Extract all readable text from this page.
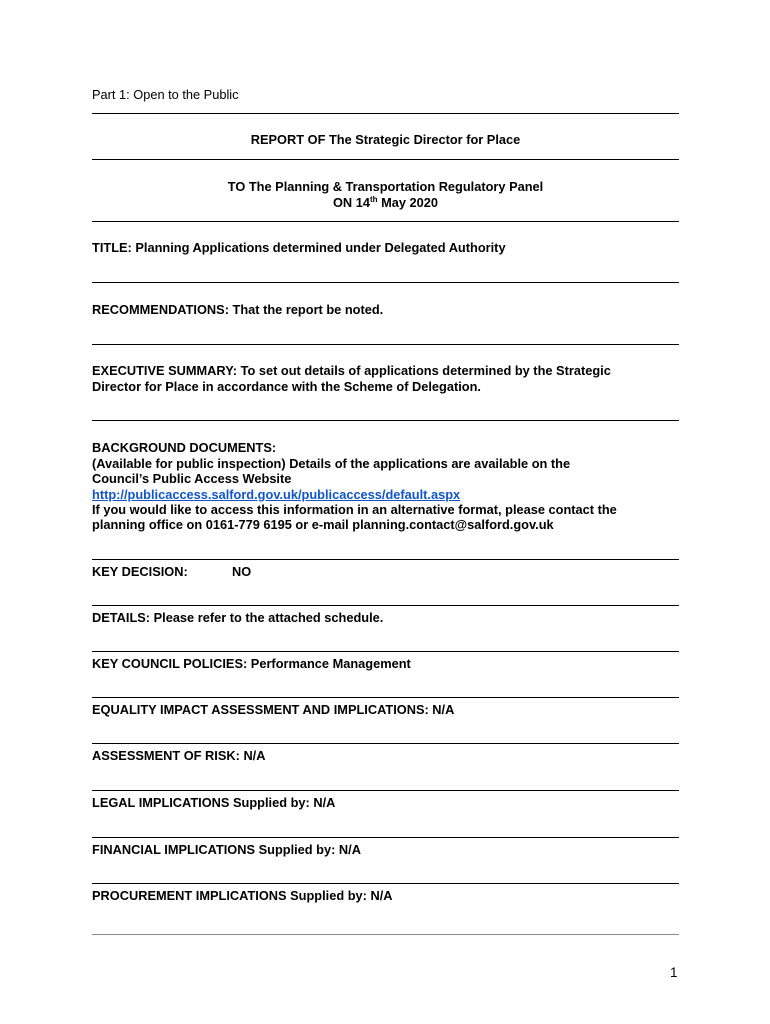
Part 1: Open to the Public
REPORT OF The Strategic Director for Place
TO The Planning & Transportation Regulatory Panel
ON 14th May 2020
TITLE: Planning Applications determined under Delegated Authority
RECOMMENDATIONS: That the report be noted.
EXECUTIVE SUMMARY: To set out details of applications determined by the Strategic
Director for Place in accordance with the Scheme of Delegation.
BACKGROUND DOCUMENTS:
(Available for public inspection) Details of the applications are available on the
Council’s Public Access Website
http://publicaccess.salford.gov.uk/publicaccess/default.aspx
If you would like to access this information in an alternative format, please contact the
planning office on 0161-779 6195 or e-mail planning.contact@salford.gov.uk
KEY DECISION:	NO
DETAILS: Please refer to the attached schedule.
KEY COUNCIL POLICIES: Performance Management
EQUALITY IMPACT ASSESSMENT AND IMPLICATIONS: N/A
ASSESSMENT OF RISK: N/A
LEGAL IMPLICATIONS Supplied by: N/A
FINANCIAL IMPLICATIONS Supplied by: N/A
PROCUREMENT IMPLICATIONS Supplied by: N/A
1
